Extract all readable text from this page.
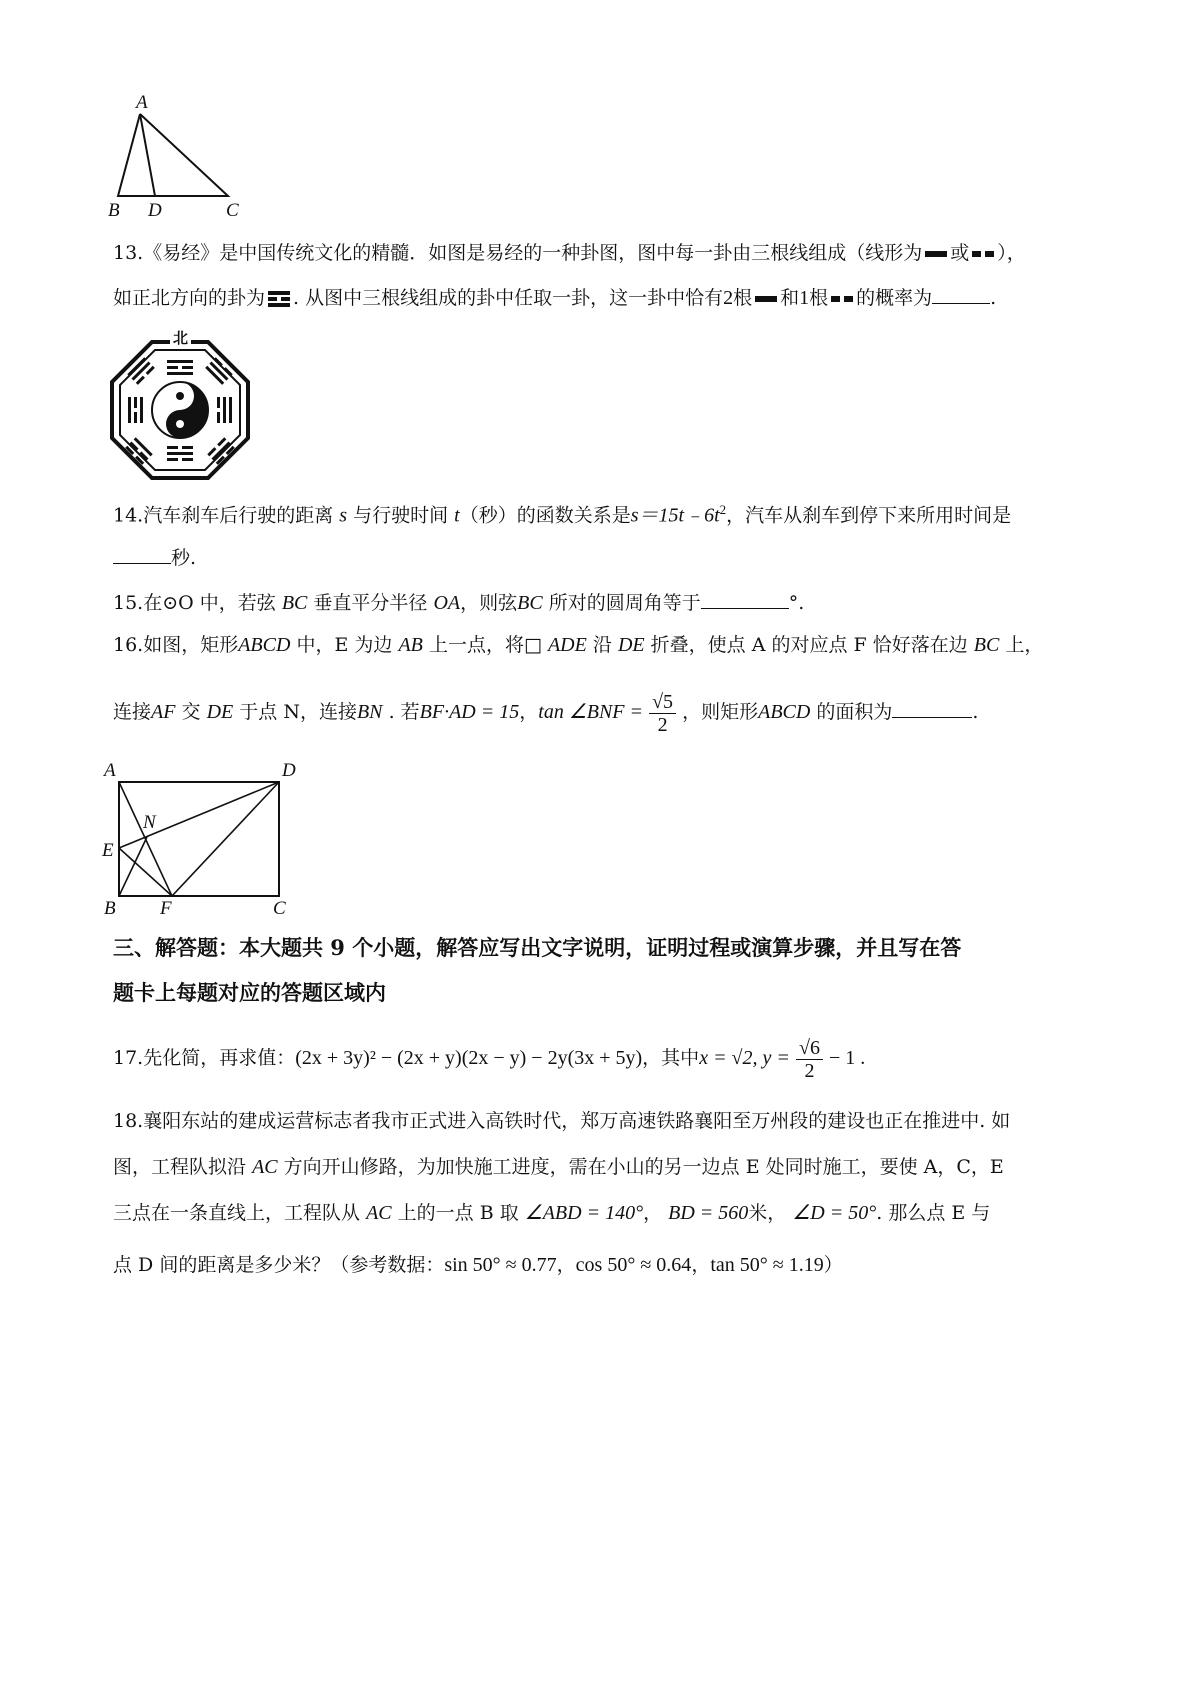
A
B D	C
13.《易经》是中国传统文化的精髓．如图是易经的一种卦图，图中每一卦由三根线组成（线形为 或 ），
如正北方向的卦为 . 从图中三根线组成的卦中任取一卦，这一卦中恰有2根 和1根 的概率为	.
北
14.汽车刹车后行驶的距离 s 与行驶时间 t（秒）的函数关系是$s=15t﹣6t^2$，汽车从刹车到停下来所用时间是
秒.
15.在⊙O 中，若弦 BC 垂直平分半径 OA，则弦BC 所对的圆周角等于	°.
16.如图，矩形ABCD 中，E 为边 AB 上一点，将□ ADE 沿 DE 折叠，使点 A 的对应点 F 恰好落在边 BC 上，
连接AF 交 DE 于点 N，连接BN . 若BF·AD = 15，tan ∠BNF = $\frac{√5}{2}$ ，则矩形ABCD 的面积为	.
A	D
N
E
B F	C
三、解答题：本大题共 9 个小题，解答应写出文字说明，证明过程或演算步骤，并且写在答
题卡上每题对应的答题区域内
17.先化简，再求值：(2x + 3y)² − (2x + y)(2x − y) − 2y(3x + 5y)，其中x = √2, $y = \frac{√6}{2} - 1$ .
18.襄阳东站的建成运营标志者我市正式进入高铁时代，郑万高速铁路襄阳至万州段的建设也正在推进中. 如
图，工程队拟沿 AC 方向开山修路，为加快施工进度，需在小山的另一边点 E 处同时施工，要使 A，C，E
三点在一条直线上，工程队从 AC 上的一点 B 取 ∠ABD = 140°， BD = 560米， ∠D = 50°. 那么点 E 与
点 D 间的距离是多少米？（参考数据：sin 50° ≈ 0.77，cos 50° ≈ 0.64，tan 50° ≈ 1.19）
